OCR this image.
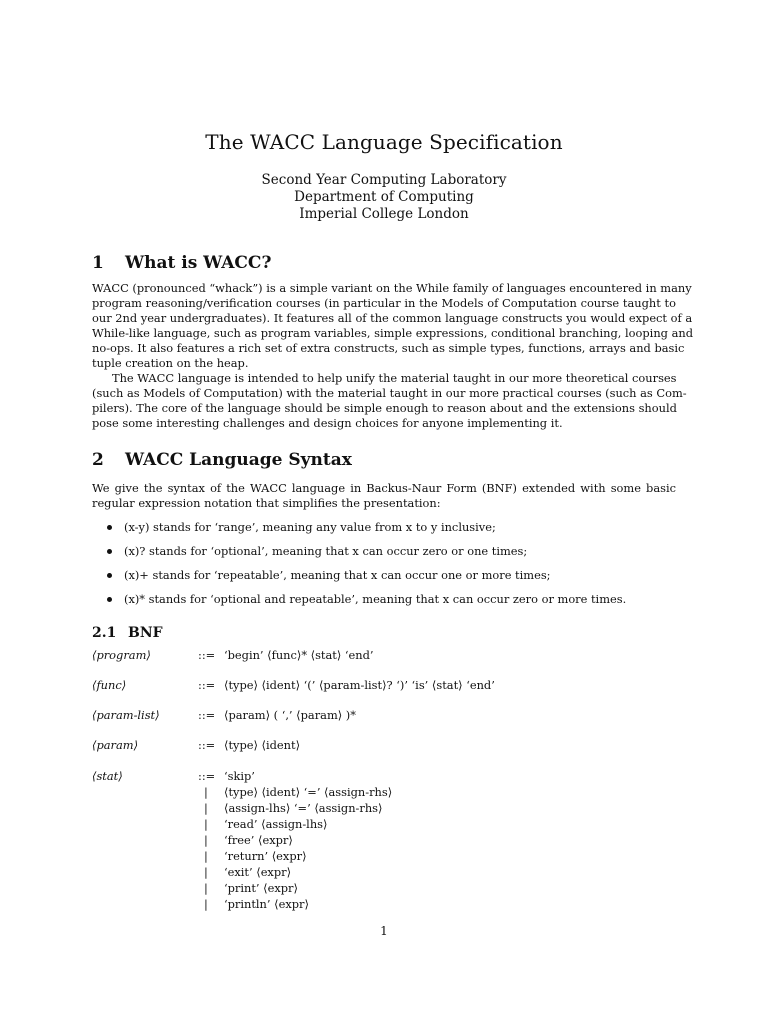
The WACC Language Specification
Second Year Computing Laboratory
Department of Computing
Imperial College London
1 What is WACC?
WACC (pronounced “whack”) is a simple variant on the While family of languages encountered in many
program reasoning/verification courses (in particular in the Models of Computation course taught to
our 2nd year undergraduates). It features all of the common language constructs you would expect of a
While-like language, such as program variables, simple expressions, conditional branching, looping and
no-ops. It also features a rich set of extra constructs, such as simple types, functions, arrays and basic
tuple creation on the heap.
The WACC language is intended to help unify the material taught in our more theoretical courses
(such as Models of Computation) with the material taught in our more practical courses (such as Com-
pilers). The core of the language should be simple enough to reason about and the extensions should
pose some interesting challenges and design choices for anyone implementing it.
2 WACC Language Syntax
We give the syntax of the WACC language in Backus-Naur Form (BNF) extended with some basic
regular expression notation that simplifies the presentation:
(x-y) stands for ‘range’, meaning any value from x to y inclusive;
(x)? stands for ‘optional’, meaning that x can occur zero or one times;
(x)+ stands for ‘repeatable’, meaning that x can occur one or more times;
(x)* stands for ‘optional and repeatable’, meaning that x can occur zero or more times.
2.1 BNF
⟨program⟩	::= ‘begin’ ⟨func⟩* ⟨stat⟩ ‘end’
⟨func⟩	::= ⟨type⟩ ⟨ident⟩ ‘(’ ⟨param-list⟩? ‘)’ ‘is’ ⟨stat⟩ ‘end’
⟨param-list⟩	::= ⟨param⟩ ( ‘,’ ⟨param⟩ )*
⟨param⟩	::= ⟨type⟩ ⟨ident⟩
⟨stat⟩	::= ‘skip’
| ⟨type⟩ ⟨ident⟩ ‘=’ ⟨assign-rhs⟩
| ⟨assign-lhs⟩ ‘=’ ⟨assign-rhs⟩
| ‘read’ ⟨assign-lhs⟩
| ‘free’ ⟨expr⟩
| ‘return’ ⟨expr⟩
| ‘exit’ ⟨expr⟩
| ‘print’ ⟨expr⟩
| ‘println’ ⟨expr⟩
1
